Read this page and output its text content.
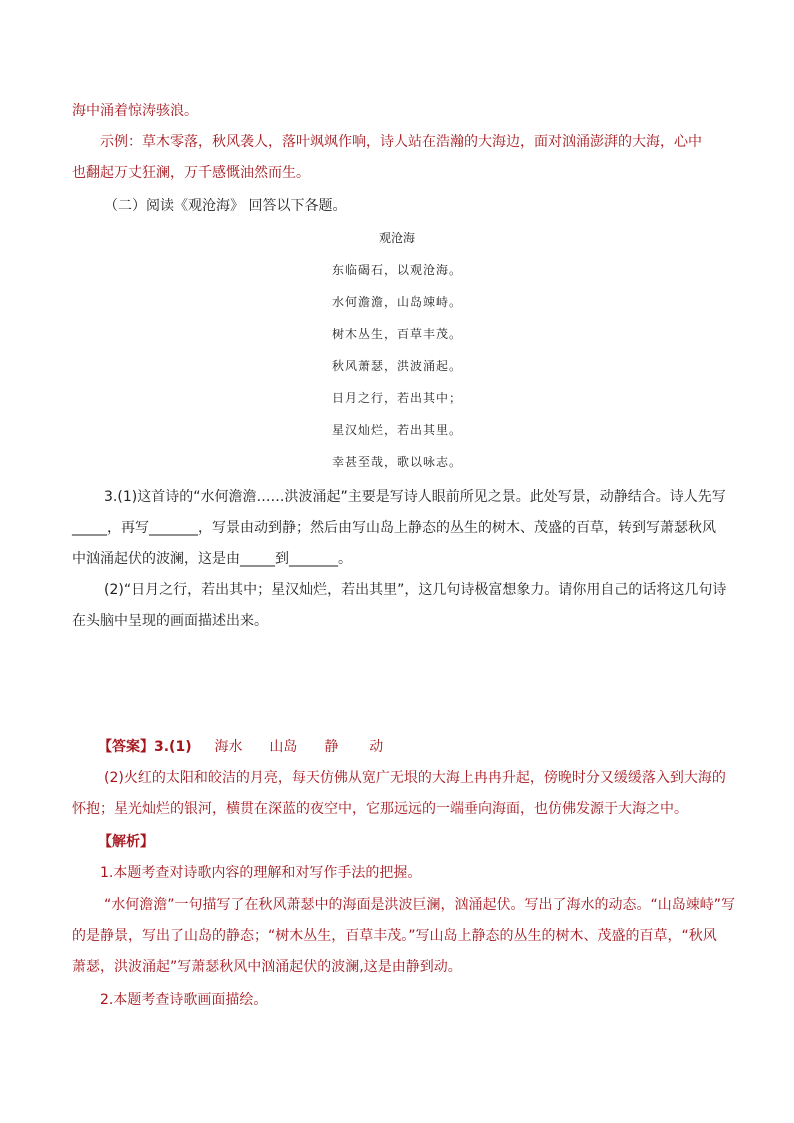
海中涌着惊涛骇浪。
示例：草木零落，秋风袭人，落叶飒飒作响，诗人站在浩瀚的大海边，面对汹涌澎湃的大海，心中
也翻起万丈狂澜，万千感慨油然而生。
（二）阅读《观沧海》 回答以下各题。
观沧海
东临碣石，以观沧海。
水何澹澹，山岛竦峙。
树木丛生，百草丰茂。
秋风萧瑟，洪波涌起。
日月之行，若出其中；
星汉灿烂，若出其里。
幸甚至哉，歌以咏志。
3.(1)这首诗的“水何澹澹……洪波涌起”主要是写诗人眼前所见之景。此处写景，动静结合。诗人先写
_____，再写_______，写景由动到静；然后由写山岛上静态的丛生的树木、茂盛的百草，转到写萧瑟秋风
中汹涌起伏的波澜，这是由_____到_______。
(2)“日月之行，若出其中；星汉灿烂，若出其里”，这几句诗极富想象力。请你用自己的话将这几句诗
在头脑中呈现的画面描述出来。
【答案】3.(1) 海水 山岛 静 动
(2)火红的太阳和皎洁的月亮，每天仿佛从宽广无垠的大海上冉冉升起，傍晚时分又缓缓落入到大海的
怀抱；星光灿烂的银河，横贯在深蓝的夜空中，它那远远的一端垂向海面，也仿佛发源于大海之中。
【解析】
1.本题考查对诗歌内容的理解和对写作手法的把握。
“水何澹澹”一句描写了在秋风萧瑟中的海面是洪波巨澜，汹涌起伏。写出了海水的动态。“山岛竦峙”写
的是静景，写出了山岛的静态；“树木丛生，百草丰茂。”写山岛上静态的丛生的树木、茂盛的百草，“秋风
萧瑟，洪波涌起”写萧瑟秋风中汹涌起伏的波澜,这是由静到动。
2.本题考查诗歌画面描绘。
